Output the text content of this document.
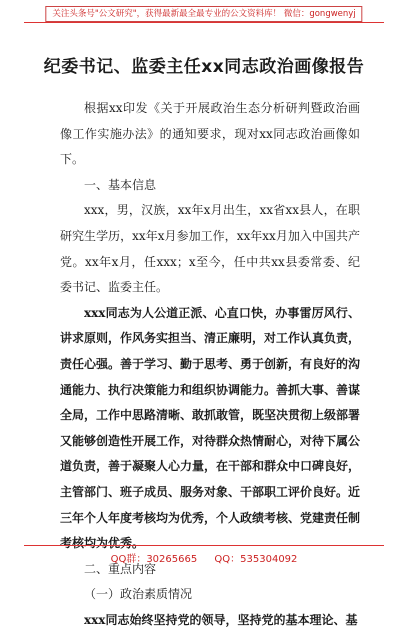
关注头条号"公文研究"，获得最新最全最专业的公文资料库！ 微信：gongwenyj
纪委书记、监委主任xx同志政治画像报告

根据xx印发《关于开展政治生态分析研判暨政治画像工作实施办法》的通知要求，现对xx同志政治画像如下。

一、基本信息

xxx，男，汉族，xx年x月出生，xx省xx县人，在职研究生学历，xx年x月参加工作，xx年xx月加入中国共产党。xx年x月，任xxx；x至今，任中共xx县委常委、纪委书记、监委主任。

xxx同志为人公道正派、心直口快，办事雷厉风行、讲求原则，作风务实担当、清正廉明，对工作认真负责，责任心强。善于学习、勤于思考、勇于创新，有良好的沟通能力、执行决策能力和组织协调能力。善抓大事、善谋全局，工作中思路清晰、敢抓敢管，既坚决贯彻上级部署又能够创造性开展工作，对待群众热情耐心，对待下属公道负责，善于凝聚人心力量，在干部和群众中口碑良好，主管部门、班子成员、服务对象、干部职工评价良好。近三年个人年度考核均为优秀，个人政绩考核、党建责任制考核均为优秀。

二、重点内容

（一）政治素质情况

xxx同志始终坚持党的领导，坚持党的基本理论、基

QQ群：30265665 QQ：535304092
